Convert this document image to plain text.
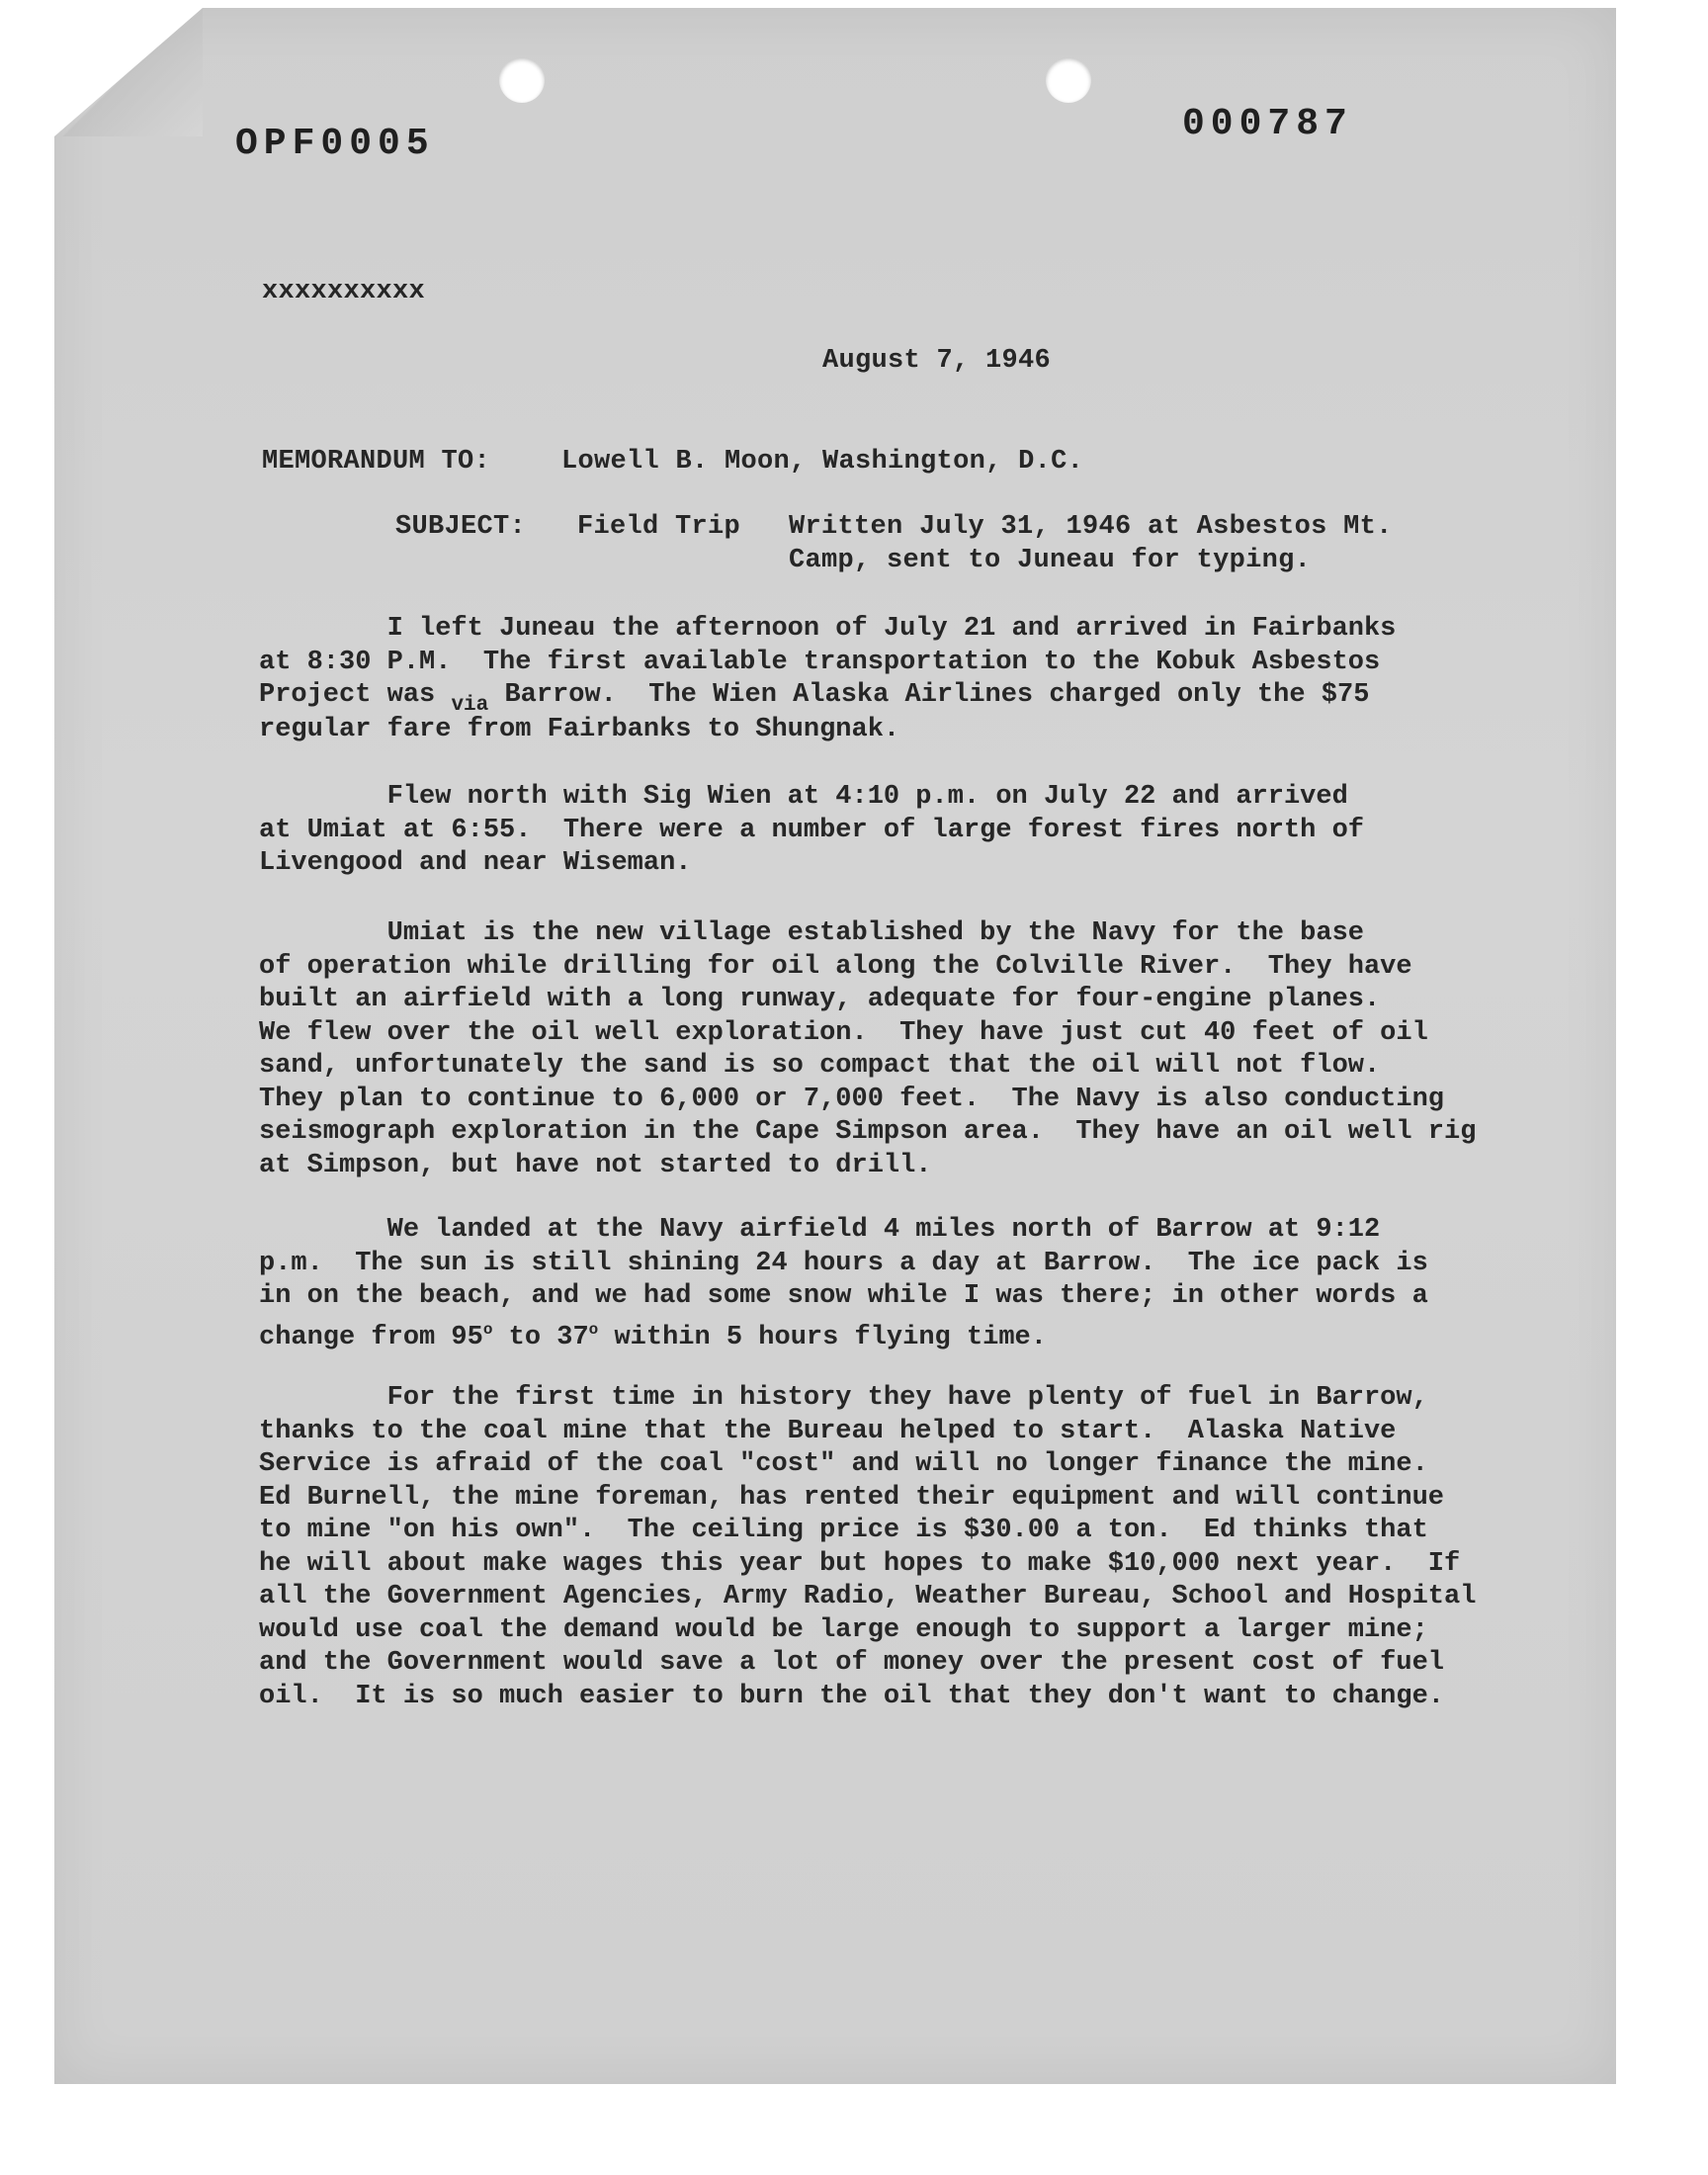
OPF0005	000787
xxxxxxxxxx
August 7, 1946
MEMORANDUM TO:	Lowell B. Moon, Washington, D.C.
SUBJECT: Field Trip Written July 31, 1946 at Asbestos Mt.
Camp, sent to Juneau for typing.
I left Juneau the afternoon of July 21 and arrived in Fairbanks
at 8:30 P.M.  The first available transportation to the Kobuk Asbestos
Project was $_{via}$ Barrow.  The Wien Alaska Airlines charged only the $75
regular fare from Fairbanks to Shungnak.
Flew north with Sig Wien at 4:10 p.m. on July 22 and arrived
at Umiat at 6:55.  There were a number of large forest fires north of
Livengood and near Wiseman.
Umiat is the new village established by the Navy for the base
of operation while drilling for oil along the Colville River.  They have
built an airfield with a long runway, adequate for four-engine planes.
We flew over the oil well exploration.  They have just cut 40 feet of oil
sand, unfortunately the sand is so compact that the oil will not flow.
They plan to continue to 6,000 or 7,000 feet.  The Navy is also conducting
seismograph exploration in the Cape Simpson area.  They have an oil well rig
at Simpson, but have not started to drill.
We landed at the Navy airfield 4 miles north of Barrow at 9:12
p.m.  The sun is still shining 24 hours a day at Barrow.  The ice pack is
in on the beach, and we had some snow while I was there; in other words a
change from 95$^o$ to 37$^o$ within 5 hours flying time.
For the first time in history they have plenty of fuel in Barrow,
thanks to the coal mine that the Bureau helped to start.  Alaska Native
Service is afraid of the coal "cost" and will no longer finance the mine.
Ed Burnell, the mine foreman, has rented their equipment and will continue
to mine "on his own".  The ceiling price is $30.00 a ton.  Ed thinks that
he will about make wages this year but hopes to make $10,000 next year.  If
all the Government Agencies, Army Radio, Weather Bureau, School and Hospital
would use coal the demand would be large enough to support a larger mine;
and the Government would save a lot of money over the present cost of fuel
oil.  It is so much easier to burn the oil that they don't want to change.
